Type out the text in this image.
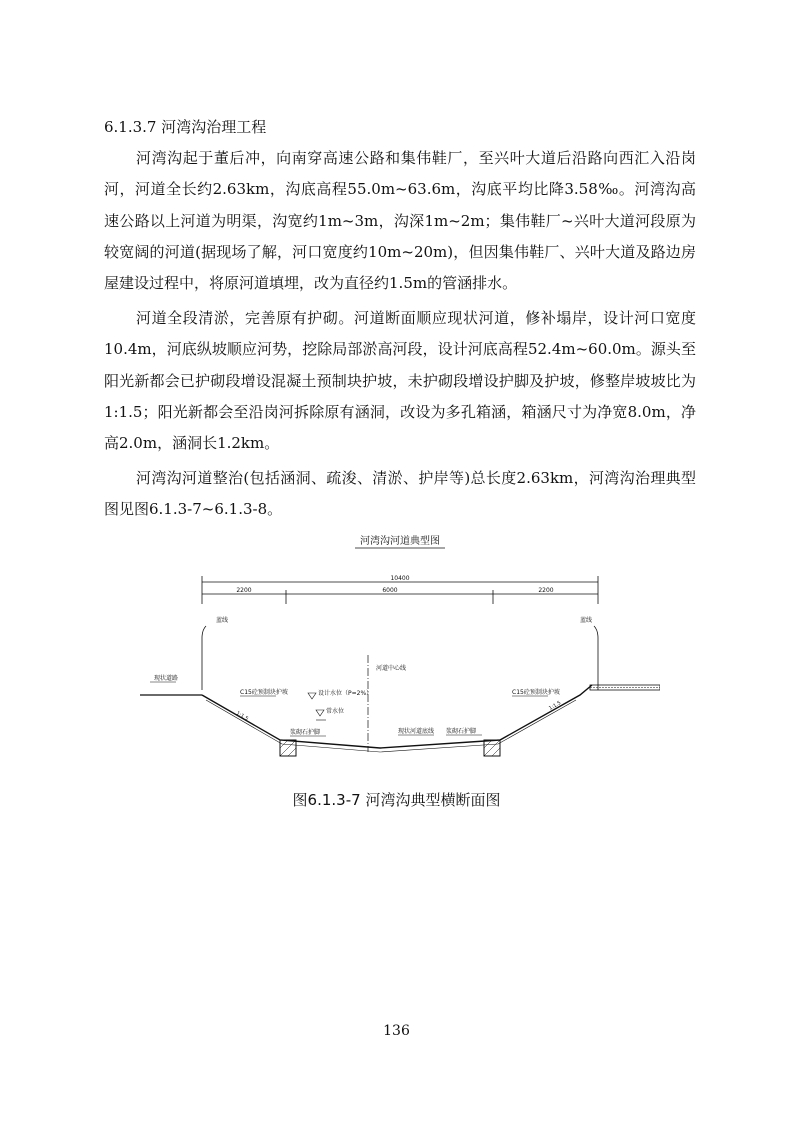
6.1.3.7 河湾沟治理工程

河湾沟起于董后冲，向南穿高速公路和集伟鞋厂，至兴叶大道后沿路向西汇入沿岗河，河道全长约2.63km，沟底高程55.0m~63.6m，沟底平均比降3.58‰。河湾沟高速公路以上河道为明渠，沟宽约1m~3m，沟深1m~2m；集伟鞋厂~兴叶大道河段原为较宽阔的河道(据现场了解，河口宽度约10m~20m)，但因集伟鞋厂、兴叶大道及路边房屋建设过程中，将原河道填埋，改为直径约1.5m的管涵排水。

河道全段清淤，完善原有护砌。河道断面顺应现状河道，修补塌岸，设计河口宽度10.4m，河底纵坡顺应河势，挖除局部淤高河段，设计河底高程52.4m~60.0m。源头至阳光新都会已护砌段增设混凝土预制块护坡，未护砌段增设护脚及护坡，修整岸坡坡比为1:1.5；阳光新都会至沿岗河拆除原有涵洞，改设为多孔箱涵，箱涵尺寸为净宽8.0m，净高2.0m，涵洞长1.2km。

河湾沟河道整治(包括涵洞、疏浚、清淤、护岸等)总长度2.63km，河湾沟治理典型图见图6.1.3-7~6.1.3-8。

河湾沟河道典型图
10400
2200	6000	2200
蓝线	蓝线
现状道路
河道中心线
设计水位（P=2%）
常水位
C15砼预制块护坡	C15砼预制块护坡
1:1.5
1:1.5
浆砌石护脚	现状河道底线 浆砌石护脚
图6.1.3-7 河湾沟典型横断面图
136
